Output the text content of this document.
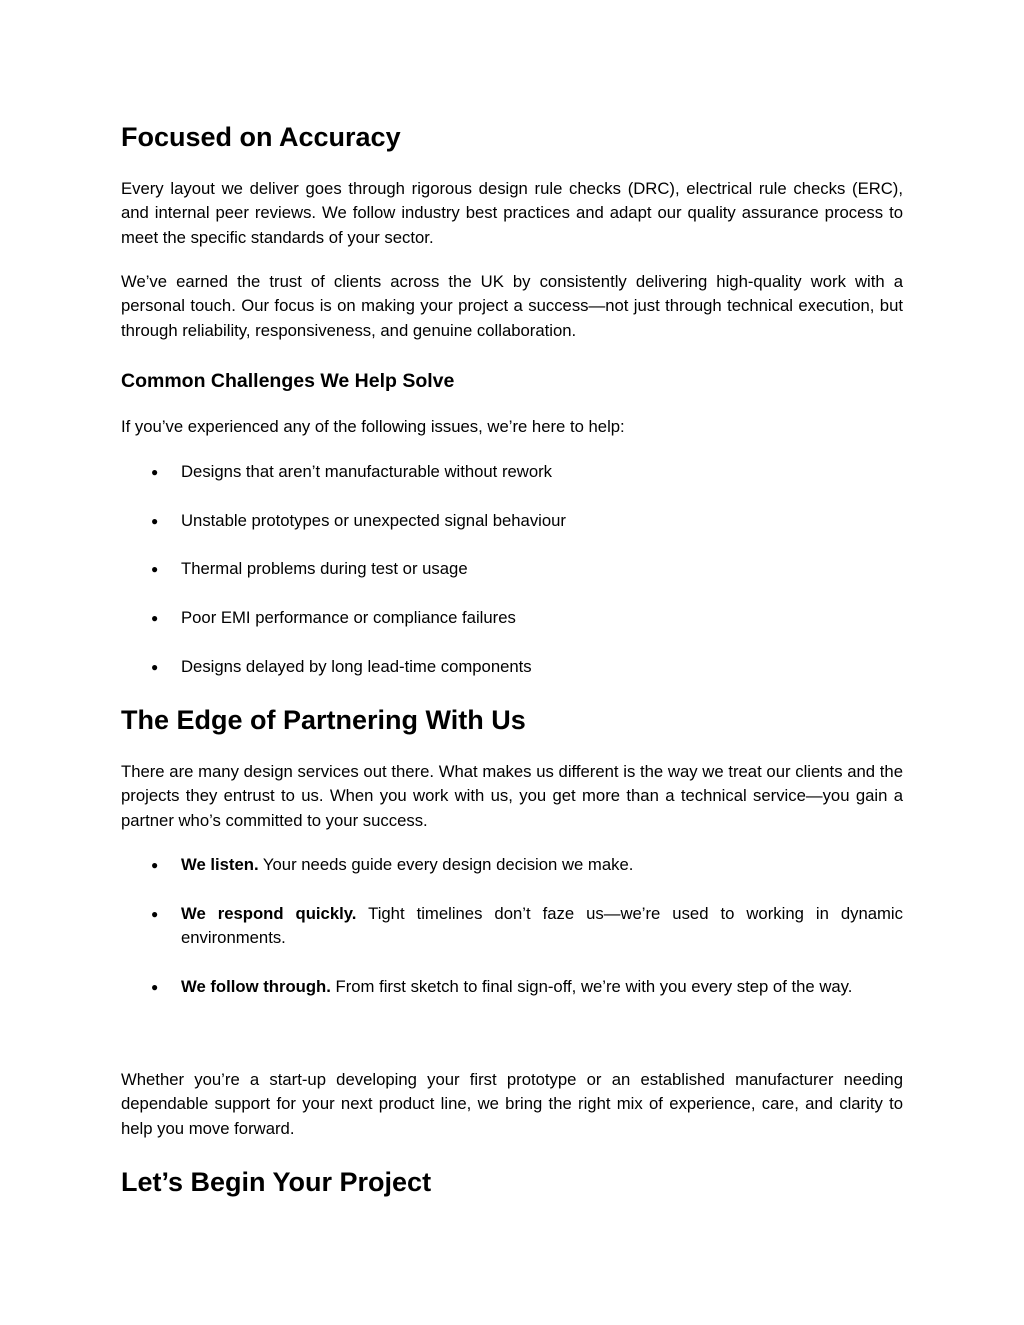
Focused on Accuracy

Every layout we deliver goes through rigorous design rule checks (DRC), electrical rule checks (ERC), and internal peer reviews. We follow industry best practices and adapt our quality assurance process to meet the specific standards of your sector.

We’ve earned the trust of clients across the UK by consistently delivering high-quality work with a personal touch. Our focus is on making your project a success—not just through technical execution, but through reliability, responsiveness, and genuine collaboration.

Common Challenges We Help Solve

If you’ve experienced any of the following issues, we’re here to help:

● Designs that aren’t manufacturable without rework
● Unstable prototypes or unexpected signal behaviour
● Thermal problems during test or usage
● Poor EMI performance or compliance failures
● Designs delayed by long lead-time components
The Edge of Partnering With Us

There are many design services out there. What makes us different is the way we treat our clients and the projects they entrust to us. When you work with us, you get more than a technical service—you gain a partner who’s committed to your success.

● We listen. Your needs guide every design decision we make.
● We respond quickly. Tight timelines don’t faze us—we’re used to working in dynamic environments.
● We follow through. From first sketch to final sign-off, we’re with you every step of the way.

Whether you’re a start-up developing your first prototype or an established manufacturer needing dependable support for your next product line, we bring the right mix of experience, care, and clarity to help you move forward.

Let’s Begin Your Project
